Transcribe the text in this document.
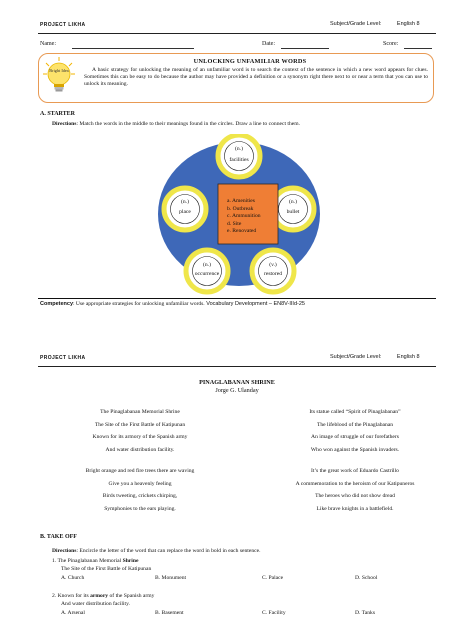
PROJECT LIKHA	Subject/Grade Level:	English 8
Name:	Date:	Score:
Bright Idea
UNLOCKING UNFAMILIAR WORDS
A basic strategy for unlocking the meaning of an unfamiliar word is to search the context of the sentence in which a new word appears for clues. Sometimes this can be easy to do because the author may have provided a definition or a synonym right there next to or near a term that you can use to unlock its meaning.
A. STARTER
Directions: Match the words in the middle to their meanings found in the circles. Draw a line to connect them.
(n.)
facilities
(n.)
place
(n.)
bullet
(n.)
occurrence
(v.)
restored
a. Amenities
b. Outbreak
c. Ammunition
d. Site
e. Renovated
Competency: Use appropriate strategies for unlocking unfamiliar words. Vocabulary Development – EN8V-IIId-25
PROJECT LIKHA	Subject/Grade Level:	English 8
PINAGLABANAN SHRINE
Jorge G. Ulanday
The Pinaglabanan Memorial Shrine
The Site of the First Battle of Katipunan
Known for its armory of the Spanish army
And water distribution facility.
Bright orange and red fire trees there are waving
Give you a heavenly feeling
Birds tweeting, crickets chirping,
Symphonies to the ears playing.
Its statue called “Spirit of Pinaglabanan”
The lifeblood of the Pinaglabanan
An image of struggle of our forefathers
Who won against the Spanish invaders.
It’s the great work of Eduardo Castrillo
A commemoration to the heroism of our Katipuneros
The heroes who did not show dread
Like brave knights in a battlefield.
B. TAKE OFF
Directions: Encircle the letter of the word that can replace the word in bold in each sentence.
1. The Pinaglabanan Memorial Shrine
The Site of the First Battle of Katipunan
A. Church	B. Monument	C. Palace	D. School
2. Known for its armory of the Spanish army
And water distribution facility.
A. Arsenal	B. Basement	C. Facility	D. Tanks
